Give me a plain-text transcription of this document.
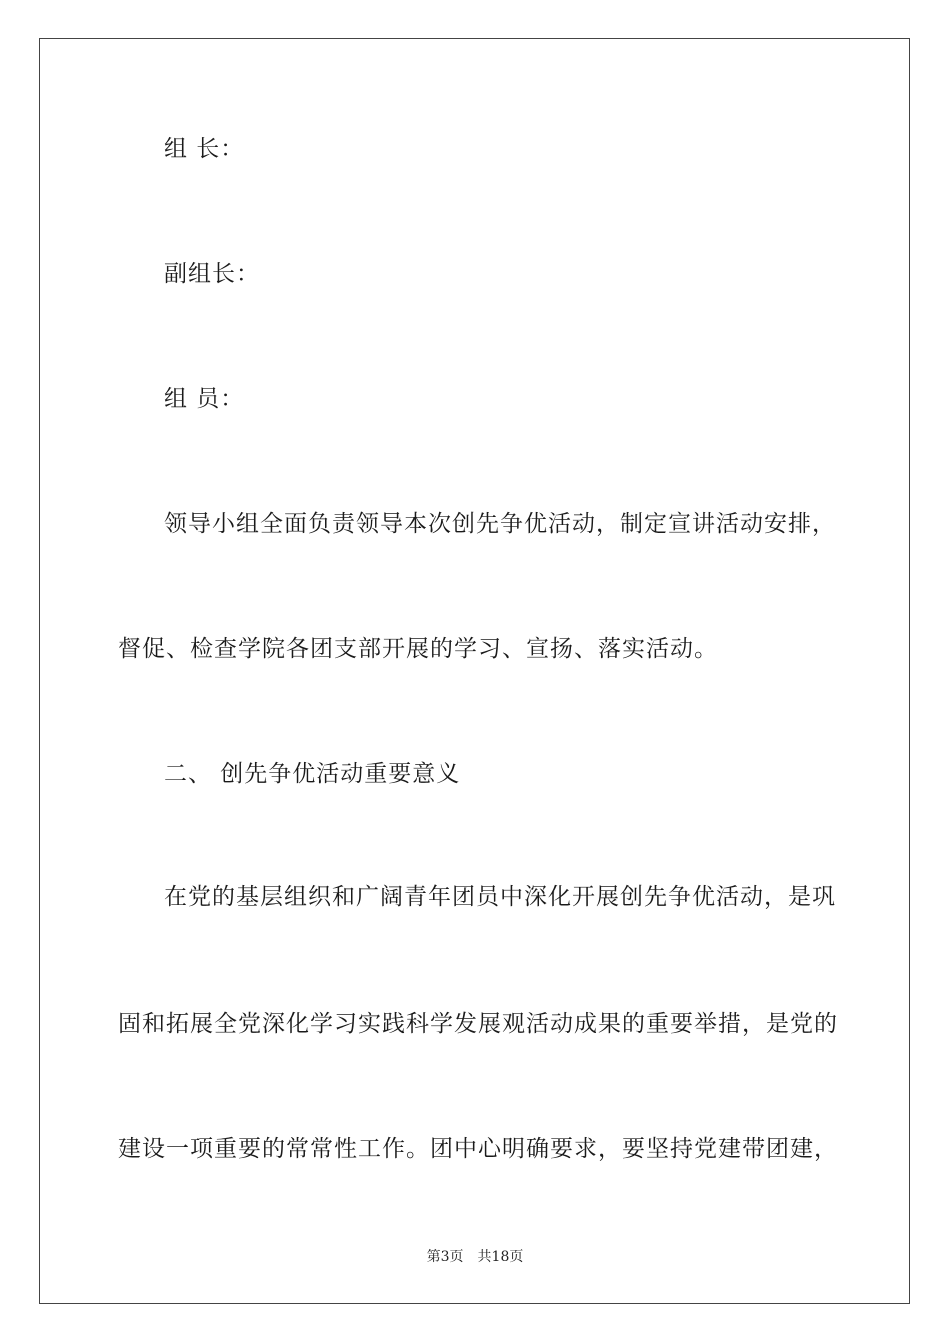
组 长：
副组长：
组 员：
领导小组全面负责领导本次创先争优活动，制定宣讲活动安排，
督促、检查学院各团支部开展的学习、宣扬、落实活动。
二、 创先争优活动重要意义
在党的基层组织和广阔青年团员中深化开展创先争优活动，是巩
固和拓展全党深化学习实践科学发展观活动成果的重要举措，是党的
建设一项重要的常常性工作。团中心明确要求，要坚持党建带团建，
第3页 共18页
